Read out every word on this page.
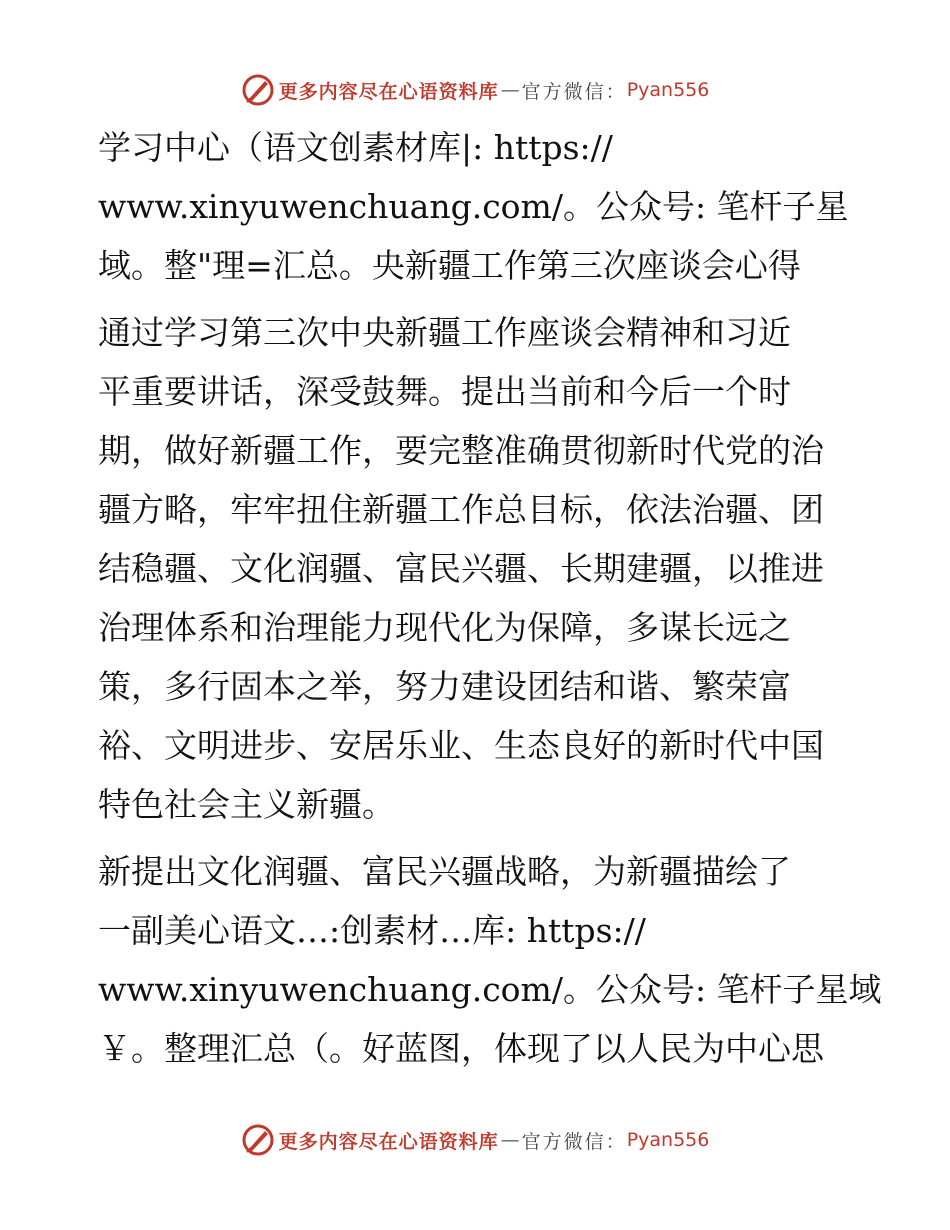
更多内容尽在心语资料库 — 官方微信： Pyan556

学习中心（语文创素材库|: https://
www.xinyuwenchuang.com/。公众号: 笔杆子星
域。整"理=汇总。央新疆工作第三次座谈会心得

通过学习第三次中央新疆工作座谈会精神和习近
平重要讲话，深受鼓舞。提出当前和今后一个时
期，做好新疆工作，要完整准确贯彻新时代党的治
疆方略，牢牢扭住新疆工作总目标，依法治疆、团
结稳疆、文化润疆、富民兴疆、长期建疆，以推进
治理体系和治理能力现代化为保障，多谋长远之
策，多行固本之举，努力建设团结和谐、繁荣富
裕、文明进步、安居乐业、生态良好的新时代中国
特色社会主义新疆。

新提出文化润疆、富民兴疆战略，为新疆描绘了
一副美心语文…:创素材…库: https://
www.xinyuwenchuang.com/。公众号: 笔杆子星域
￥。整理汇总（。好蓝图，体现了以人民为中心思

更多内容尽在心语资料库 — 官方微信： Pyan556
